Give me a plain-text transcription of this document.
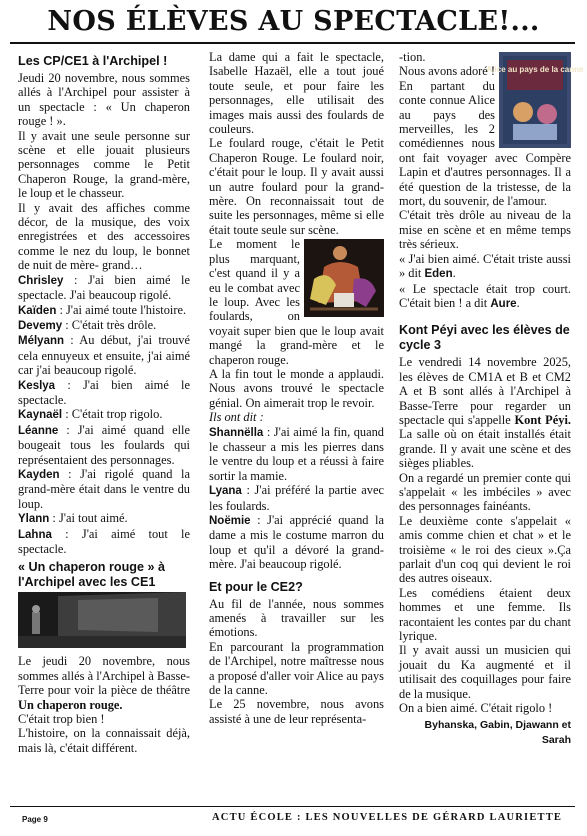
NOS ÉLÈVES AU SPECTACLE!...
Les CP/CE1 à l'Archipel !

Jeudi 20 novembre, nous sommes allés à l'Archipel pour assister à un spectacle : « Un chaperon rouge ! ».

Il y avait une seule personne sur scène et elle jouait plusieurs personnages comme le Petit Chaperon Rouge, la grand-mère, le loup et le chasseur.

Il y avait des affiches comme décor, de la musique, des voix enregistrées et des accessoires comme le nez du loup, le bonnet de nuit de mère- grand…

Chrisley : J'ai bien aimé le spectacle. J'ai beaucoup rigolé.

Kaïden : J'ai aimé toute l'histoire.

Devemy : C'était très drôle.

Mélyann : Au début, j'ai trouvé cela ennuyeux et ensuite, j'ai aimé car j'ai beaucoup rigolé.

Keslya : J'ai bien aimé le spectacle.

Kaynaël : C'était trop rigolo.

Léanne : J'ai aimé quand elle bougeait tous les foulards qui représentaient des personnages.

Kayden : J'ai rigolé quand la grand-mère était dans le ventre du loup.

Ylann : J'ai tout aimé.

Lahna : J'ai aimé tout le spectacle.

« Un chaperon rouge » à l'Archipel avec les CE1

Le jeudi 20 novembre, nous sommes allés à l'Archipel à Basse-Terre pour voir la pièce de théâtre Un chaperon rouge.

C'était trop bien !

L'histoire, on la connaissait déjà, mais là, c'était différent.

La dame qui a fait le spectacle, Isabelle Hazaël, elle a tout joué toute seule, et pour faire les personnages, elle utilisait des images mais aussi des foulards de couleurs.

Le foulard rouge, c'était le Petit Chaperon Rouge. Le foulard noir, c'était pour le loup. Il y avait aussi un autre foulard pour la grand-mère. On reconnaissait tout de suite les personnages, même si elle était toute seule sur scène.

Le moment le plus marquant, c'est quand il y a eu le combat avec le loup. Avec les foulards, on voyait super bien que le loup avait mangé la grand-mère et le chaperon rouge.

A la fin tout le monde a applaudi. Nous avons trouvé le spectacle génial. On aimerait trop le revoir.

Ils ont dit :

Shannëlla : J'ai aimé la fin, quand le chasseur a mis les pierres dans le ventre du loup et a réussi à faire sortir la mamie.

Lyana : J'ai préféré la partie avec les foulards.

Noëmie : J'ai apprécié quand la dame a mis le costume marron du loup et qu'il a dévoré la grand-mère. J'ai beaucoup rigolé.

Et pour le CE2?

Au fil de l'année, nous sommes amenés à travailler sur les émotions.

En parcourant la programmation de l'Archipel, notre maîtresse nous a proposé d'aller voir Alice au pays de la canne.

Le 25 novembre, nous avons assisté à une de leur représenta-

Alice au pays de la canne

-tion.

Nous avons adoré ! En partant du conte connue Alice au pays des merveilles, les 2 comédiennes nous ont fait voyager avec Compère Lapin et d'autres personnages. Il a été question de la tristesse, de la mort, du souvenir, de l'amour.

C'était très drôle au niveau de la mise en scène et en même temps très sérieux.

« J'ai bien aimé. C'était triste aussi » dit Eden.

« Le spectacle était trop court. C'était bien ! a dit Aure.

Kont Péyi avec les élèves de cycle 3

Le vendredi 14 novembre 2025, les élèves de CM1A et B et CM2 A et B sont allés à l'Archipel à Basse-Terre pour regarder un spectacle qui s'appelle Kont Péyi. La salle où on était installés était grande. Il y avait une scène et des sièges pliables.

On a regardé un premier conte qui s'appelait « les imbéciles » avec des personnages fainéants.

Le deuxième conte s'appelait « amis comme chien et chat » et le troisième « le roi des cieux ».Ça parlait d'un coq qui devient le roi des autres oiseaux.

Les comédiens étaient deux hommes et une femme. Ils racontaient les contes par du chant lyrique.

Il y avait aussi un musicien qui jouait du Ka augmenté et il utilisait des coquillages pour faire de la musique.

On a bien aimé. C'était rigolo !

Byhanska, Gabin, Djawann et Sarah
Page 9	ACTU ÉCOLE : LES NOUVELLES DE GÉRARD LAURIETTE
